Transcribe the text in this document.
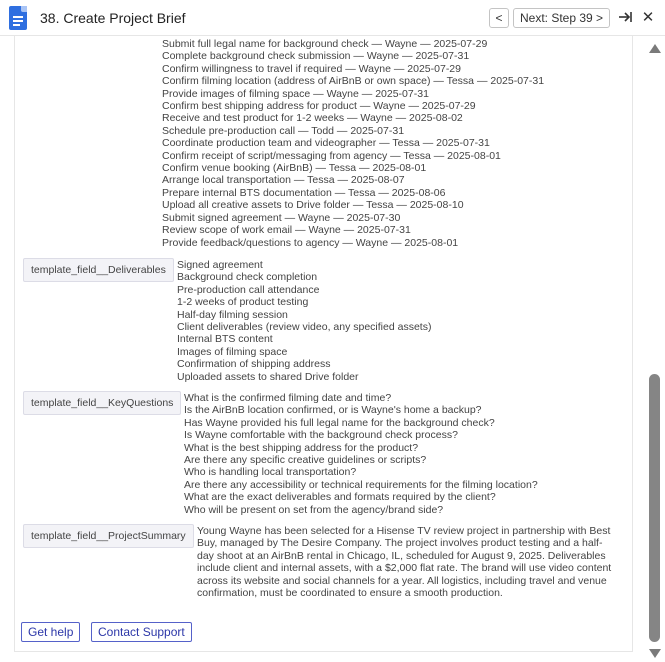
38. Create Project Brief	< Next: Step 39 >	✕
Submit full legal name for background check — Wayne — 2025-07-29
Complete background check submission — Wayne — 2025-07-31
Confirm willingness to travel if required — Wayne — 2025-07-29
Confirm filming location (address of AirBnB or own space) — Tessa — 2025-07-31
Provide images of filming space — Wayne — 2025-07-31
Confirm best shipping address for product — Wayne — 2025-07-29
Receive and test product for 1-2 weeks — Wayne — 2025-08-02
Schedule pre-production call — Todd — 2025-07-31
Coordinate production team and videographer — Tessa — 2025-07-31
Confirm receipt of script/messaging from agency — Tessa — 2025-08-01
Confirm venue booking (AirBnB) — Tessa — 2025-08-01
Arrange local transportation — Tessa — 2025-08-07
Prepare internal BTS documentation — Tessa — 2025-08-06
Upload all creative assets to Drive folder — Tessa — 2025-08-10
Submit signed agreement — Wayne — 2025-07-30
Review scope of work email — Wayne — 2025-07-31
Provide feedback/questions to agency — Wayne — 2025-08-01
template_field__Deliverables	Signed agreement
Background check completion
Pre-production call attendance
1-2 weeks of product testing
Half-day filming session
Client deliverables (review video, any specified assets)
Internal BTS content
Images of filming space
Confirmation of shipping address
Uploaded assets to shared Drive folder
template_field__KeyQuestions	What is the confirmed filming date and time?
Is the AirBnB location confirmed, or is Wayne's home a backup?
Has Wayne provided his full legal name for the background check?
Is Wayne comfortable with the background check process?
What is the best shipping address for the product?
Are there any specific creative guidelines or scripts?
Who is handling local transportation?
Are there any accessibility or technical requirements for the filming location?
What are the exact deliverables and formats required by the client?
Who will be present on set from the agency/brand side?
template_field__ProjectSummary	Young Wayne has been selected for a Hisense TV review project in partnership with Best
Buy, managed by The Desire Company. The project involves product testing and a half-
day shoot at an AirBnB rental in Chicago, IL, scheduled for August 9, 2025. Deliverables
include client and internal assets, with a $2,000 flat rate. The brand will use video content
across its website and social channels for a year. All logistics, including travel and venue
confirmation, must be coordinated to ensure a smooth production.
Get help	Contact Support
